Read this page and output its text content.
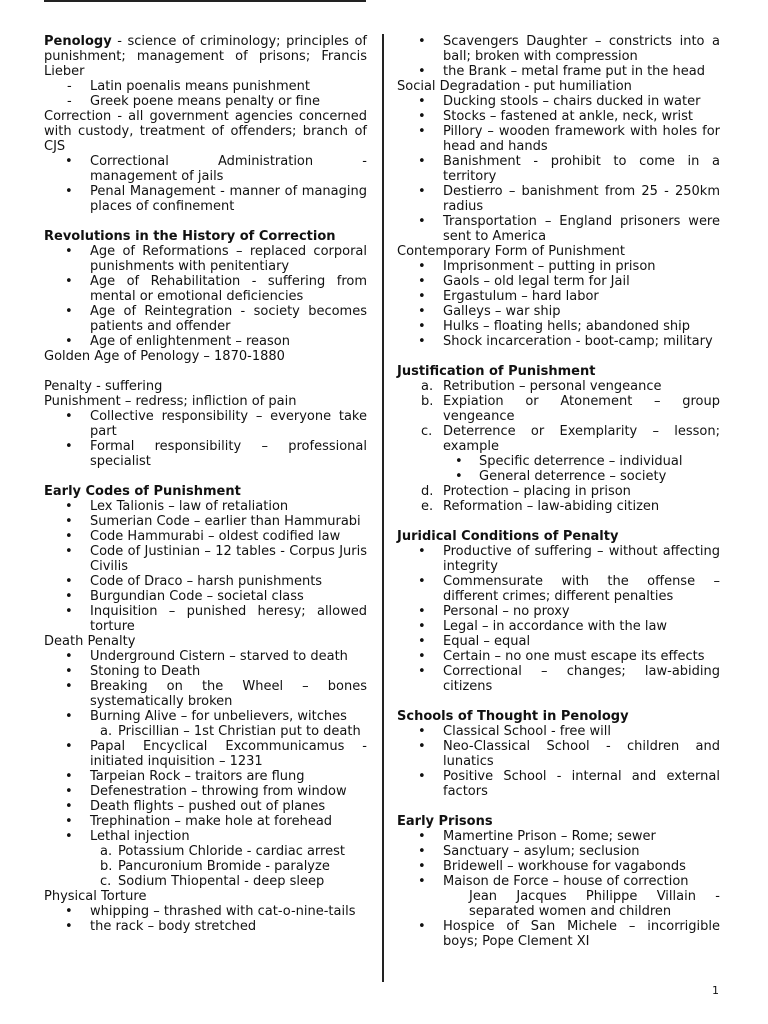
Penology - science of criminology; principles of punishment; management of prisons; Francis Lieber

- Latin poenalis means punishment
- Greek poene means penalty or fine

Correction - all government agencies concerned with custody, treatment of offenders; branch of CJS

• Correctional Administration - management of jails
• Penal Management - manner of managing places of confinement

Revolutions in the History of Correction

• Age of Reformations – replaced corporal punishments with penitentiary
• Age of Rehabilitation - suffering from mental or emotional deficiencies
• Age of Reintegration - society becomes patients and offender
• Age of enlightenment – reason

Golden Age of Penology – 1870-1880

Penalty - suffering

Punishment – redress; infliction of pain

• Collective responsibility – everyone take part
• Formal responsibility – professional specialist

Early Codes of Punishment

• Lex Talionis – law of retaliation
• Sumerian Code – earlier than Hammurabi
• Code Hammurabi – oldest codified law
• Code of Justinian – 12 tables - Corpus Juris Civilis
• Code of Draco – harsh punishments
• Burgundian Code – societal class
• Inquisition – punished heresy; allowed torture

Death Penalty

• Underground Cistern – starved to death
• Stoning to Death
• Breaking on the Wheel – bones systematically broken
• Burning Alive – for unbelievers, witches
a. Priscillian – 1st Christian put to death
• Papal Encyclical Excommunicamus - initiated inquisition – 1231
• Tarpeian Rock – traitors are flung
• Defenestration – throwing from window
• Death flights – pushed out of planes
• Trephination – make hole at forehead
• Lethal injection
a. Potassium Chloride - cardiac arrest
b. Pancuronium Bromide - paralyze
c. Sodium Thiopental - deep sleep

Physical Torture

• whipping – thrashed with cat-o-nine-tails
• the rack – body stretched
• Scavengers Daughter – constricts into a ball; broken with compression
• the Brank – metal frame put in the head

Social Degradation - put humiliation

• Ducking stools – chairs ducked in water
• Stocks – fastened at ankle, neck, wrist
• Pillory – wooden framework with holes for head and hands
• Banishment - prohibit to come in a territory
• Destierro – banishment from 25 - 250km radius
• Transportation – England prisoners were sent to America

Contemporary Form of Punishment

• Imprisonment – putting in prison
• Gaols – old legal term for Jail
• Ergastulum – hard labor
• Galleys – war ship
• Hulks – floating hells; abandoned ship
• Shock incarceration - boot-camp; military

Justification of Punishment

a. Retribution – personal vengeance
b. Expiation or Atonement – group vengeance
c. Deterrence or Exemplarity – lesson; example
• Specific deterrence – individual
• General deterrence – society
d. Protection – placing in prison
e. Reformation – law-abiding citizen

Juridical Conditions of Penalty

• Productive of suffering – without affecting integrity
• Commensurate with the offense – different crimes; different penalties
• Personal – no proxy
• Legal – in accordance with the law
• Equal – equal
• Certain – no one must escape its effects
• Correctional – changes; law-abiding citizens

Schools of Thought in Penology

• Classical School - free will
• Neo-Classical School - children and lunatics
• Positive School - internal and external factors

Early Prisons

• Mamertine Prison – Rome; sewer
• Sanctuary – asylum; seclusion
• Bridewell – workhouse for vagabonds
• Maison de Force – house of correction

Jean Jacques Philippe Villain - separated women and children

• Hospice of San Michele – incorrigible boys; Pope Clement XI
1
